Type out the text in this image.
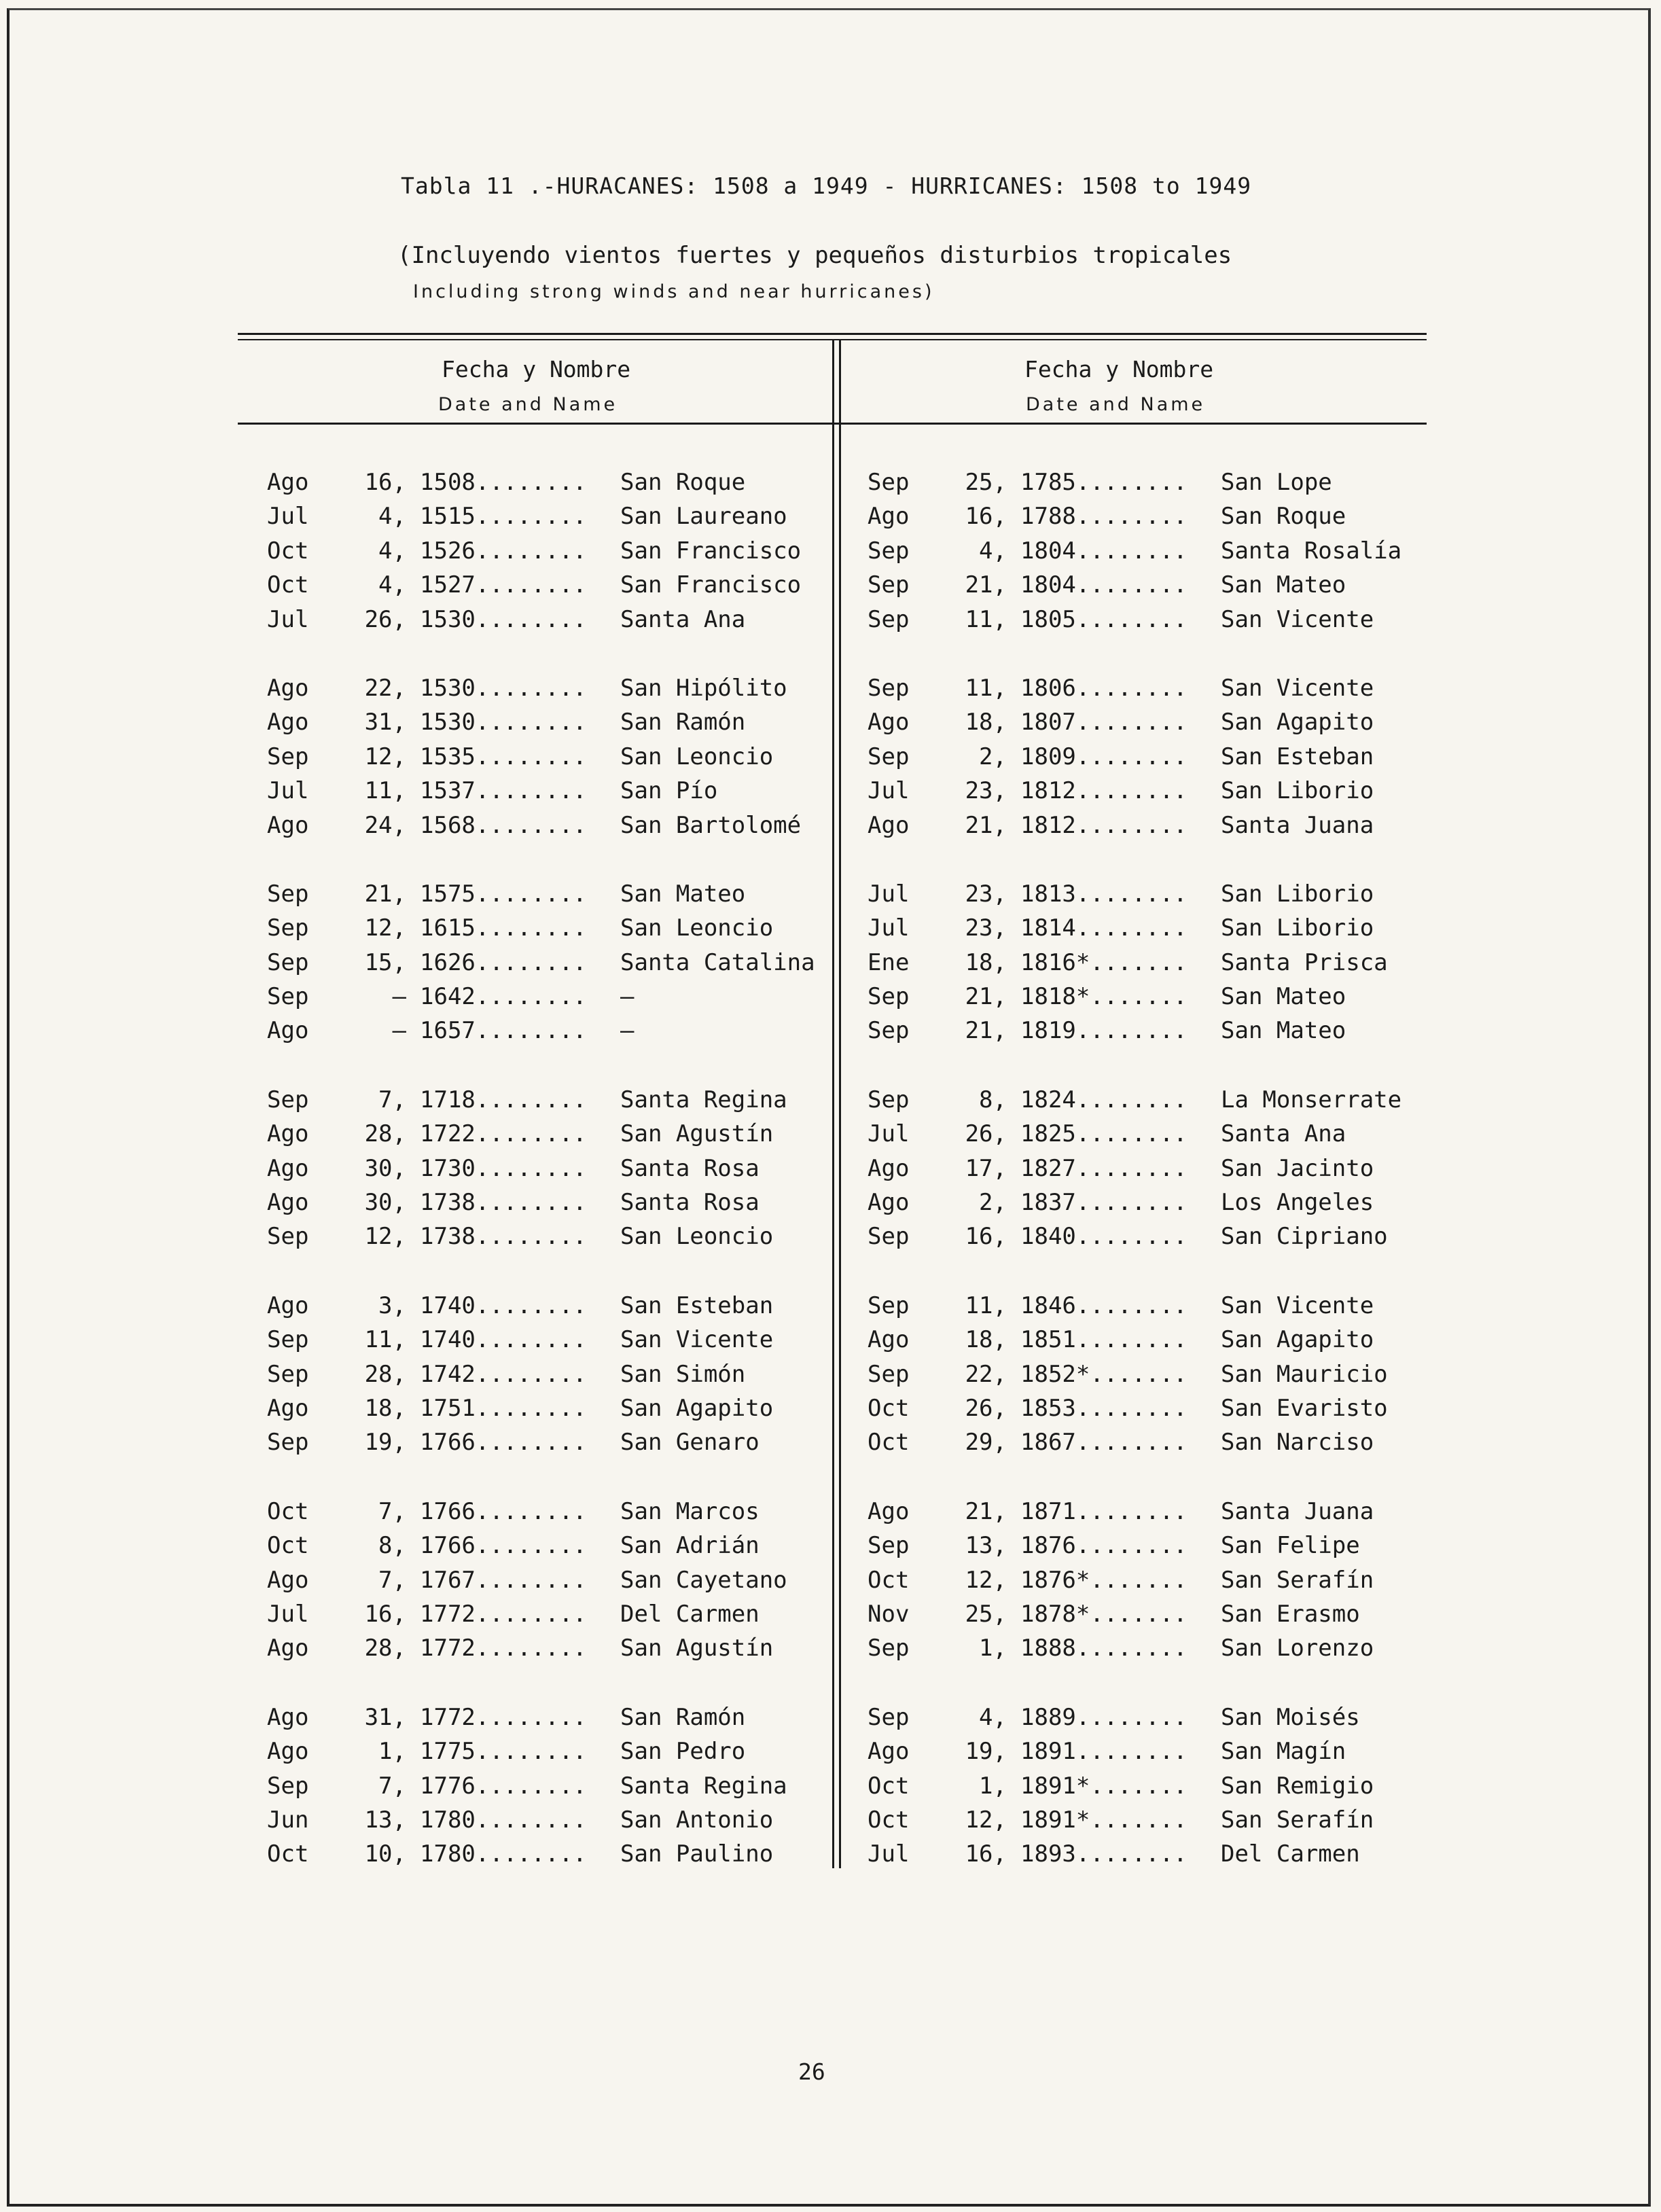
Tabla 11 .-HURACANES: 1508 a 1949 - HURRICANES: 1508 to 1949
(Incluyendo vientos fuertes y pequeños disturbios tropicales
Including strong winds and near hurricanes)
Fecha y Nombre
Date and Name
Fecha y Nombre
Date and Name
Ago	16, 1508........ San Roque
Jul	4, 1515........ San Laureano
Oct	4, 1526........ San Francisco
Oct	4, 1527........ San Francisco
Jul	26, 1530........ Santa Ana
Ago	22, 1530........ San Hipólito
Ago	31, 1530........ San Ramón
Sep	12, 1535........ San Leoncio
Jul	11, 1537........ San Pío
Ago	24, 1568........ San Bartolomé
Sep	21, 1575........ San Mateo
Sep	12, 1615........ San Leoncio
Sep	15, 1626........ Santa Catalina
Sep	— 1642........ —
Ago	— 1657........ —
Sep	7, 1718........ Santa Regina
Ago	28, 1722........ San Agustín
Ago	30, 1730........ Santa Rosa
Ago	30, 1738........ Santa Rosa
Sep	12, 1738........ San Leoncio
Ago	3, 1740........ San Esteban
Sep	11, 1740........ San Vicente
Sep	28, 1742........ San Simón
Ago	18, 1751........ San Agapito
Sep	19, 1766........ San Genaro
Oct	7, 1766........ San Marcos
Oct	8, 1766........ San Adrián
Ago	7, 1767........ San Cayetano
Jul	16, 1772........ Del Carmen
Ago	28, 1772........ San Agustín
Ago	31, 1772........ San Ramón
Ago	1, 1775........ San Pedro
Sep	7, 1776........ Santa Regina
Jun	13, 1780........ San Antonio
Oct	10, 1780........ San Paulino
Sep	25, 1785........ San Lope
Ago	16, 1788........ San Roque
Sep	4, 1804........ Santa Rosalía
Sep	21, 1804........ San Mateo
Sep	11, 1805........ San Vicente
Sep	11, 1806........ San Vicente
Ago	18, 1807........ San Agapito
Sep	2, 1809........ San Esteban
Jul	23, 1812........ San Liborio
Ago	21, 1812........ Santa Juana
Jul	23, 1813........ San Liborio
Jul	23, 1814........ San Liborio
Ene	18, 1816*....... Santa Prisca
Sep	21, 1818*....... San Mateo
Sep	21, 1819........ San Mateo
Sep	8, 1824........ La Monserrate
Jul	26, 1825........ Santa Ana
Ago	17, 1827........ San Jacinto
Ago	2, 1837........ Los Angeles
Sep	16, 1840........ San Cipriano
Sep	11, 1846........ San Vicente
Ago	18, 1851........ San Agapito
Sep	22, 1852*....... San Mauricio
Oct	26, 1853........ San Evaristo
Oct	29, 1867........ San Narciso
Ago	21, 1871........ Santa Juana
Sep	13, 1876........ San Felipe
Oct	12, 1876*....... San Serafín
Nov	25, 1878*....... San Erasmo
Sep	1, 1888........ San Lorenzo
Sep	4, 1889........ San Moisés
Ago	19, 1891........ San Magín
Oct	1, 1891*....... San Remigio
Oct	12, 1891*....... San Serafín
Jul	16, 1893........ Del Carmen
26
